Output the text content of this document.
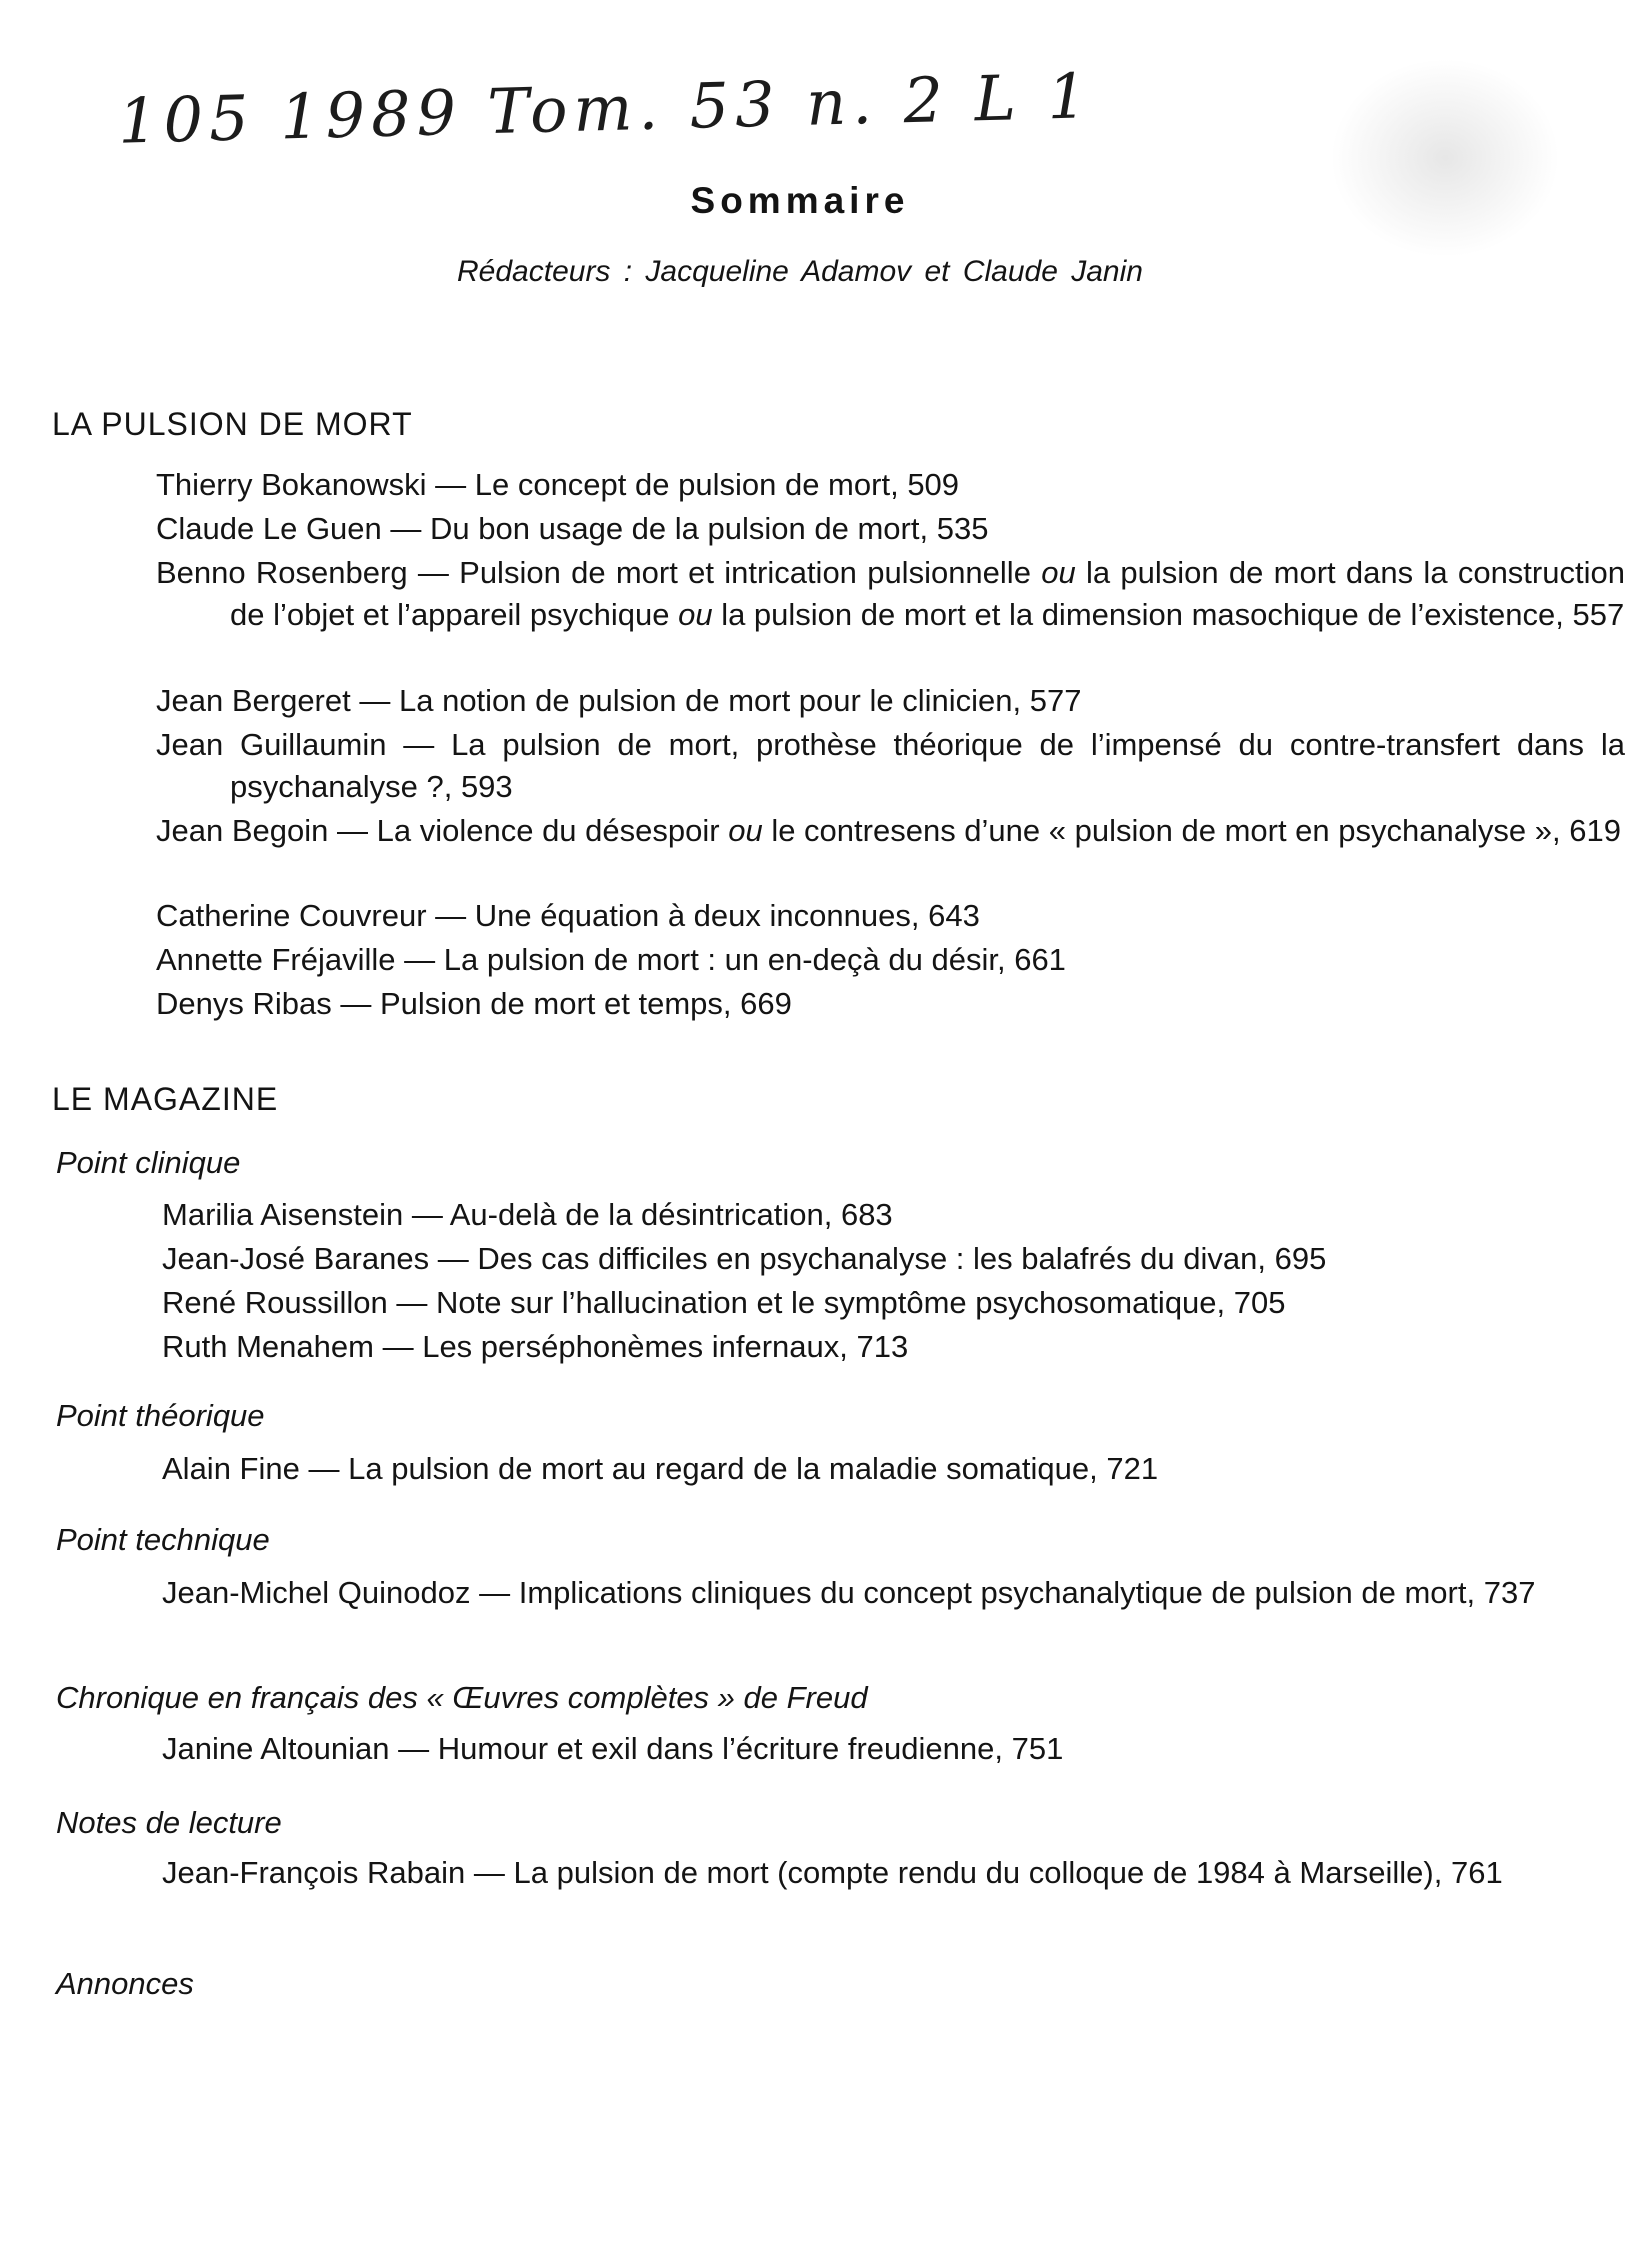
105 1989 Tom. 53 n. 2 L 1
Sommaire
Rédacteurs : Jacqueline Adamov et Claude Janin
LA PULSION DE MORT
Thierry Bokanowski — Le concept de pulsion de mort, 509
Claude Le Guen — Du bon usage de la pulsion de mort, 535
Benno Rosenberg — Pulsion de mort et intrication pulsionnelle ou la pulsion de mort dans la construction de l’objet et l’appareil psychique ou la pulsion de mort et la dimension masochique de l’existence, 557
Jean Bergeret — La notion de pulsion de mort pour le clinicien, 577
Jean Guillaumin — La pulsion de mort, prothèse théorique de l’impensé du contre-transfert dans la psychanalyse ?, 593
Jean Begoin — La violence du désespoir ou le contresens d’une « pulsion de mort en psychanalyse », 619
Catherine Couvreur — Une équation à deux inconnues, 643
Annette Fréjaville — La pulsion de mort : un en-deçà du désir, 661
Denys Ribas — Pulsion de mort et temps, 669
LE MAGAZINE
Point clinique
Marilia Aisenstein — Au-delà de la désintrication, 683
Jean-José Baranes — Des cas difficiles en psychanalyse : les balafrés du divan, 695
René Roussillon — Note sur l’hallucination et le symptôme psychosomatique, 705
Ruth Menahem — Les perséphonèmes infernaux, 713
Point théorique
Alain Fine — La pulsion de mort au regard de la maladie somatique, 721
Point technique
Jean-Michel Quinodoz — Implications cliniques du concept psychanalytique de pulsion de mort, 737
Chronique en français des « Œuvres complètes » de Freud
Janine Altounian — Humour et exil dans l’écriture freudienne, 751
Notes de lecture
Jean-François Rabain — La pulsion de mort (compte rendu du colloque de 1984 à Marseille), 761
Annonces
